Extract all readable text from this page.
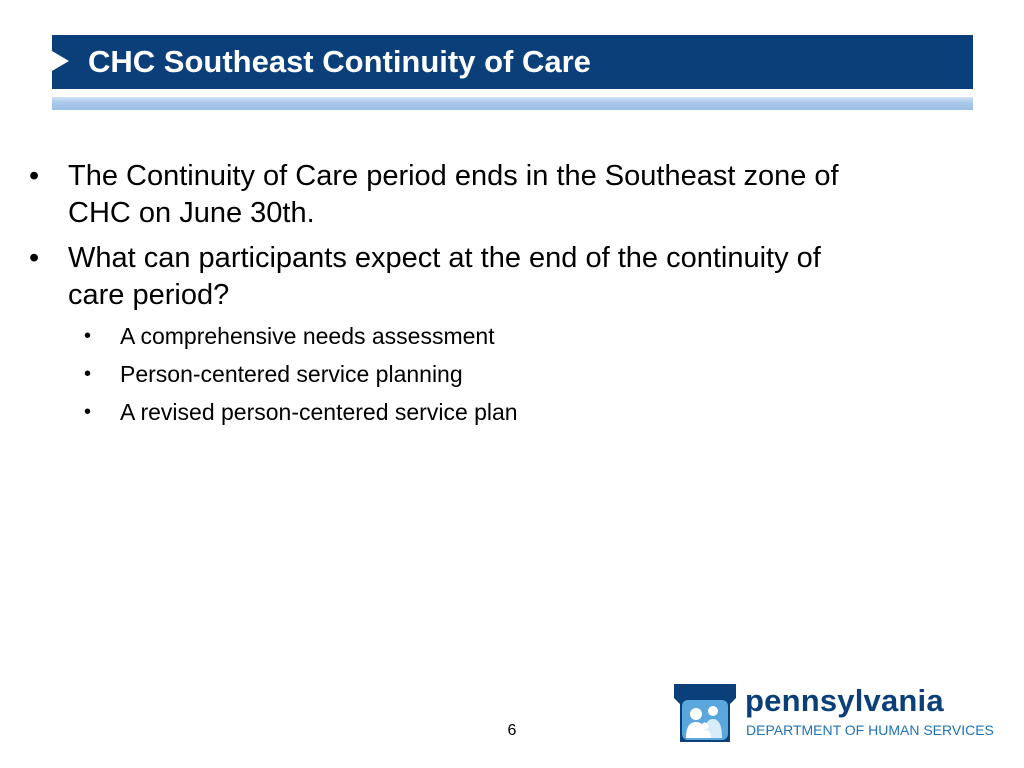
CHC Southeast Continuity of Care
• The Continuity of Care period ends in the Southeast zone of CHC on June 30th.
• What can participants expect at the end of the continuity of care period?
• A comprehensive needs assessment
• Person-centered service planning
• A revised person-centered service plan
6
pennsylvania
DEPARTMENT OF HUMAN SERVICES
